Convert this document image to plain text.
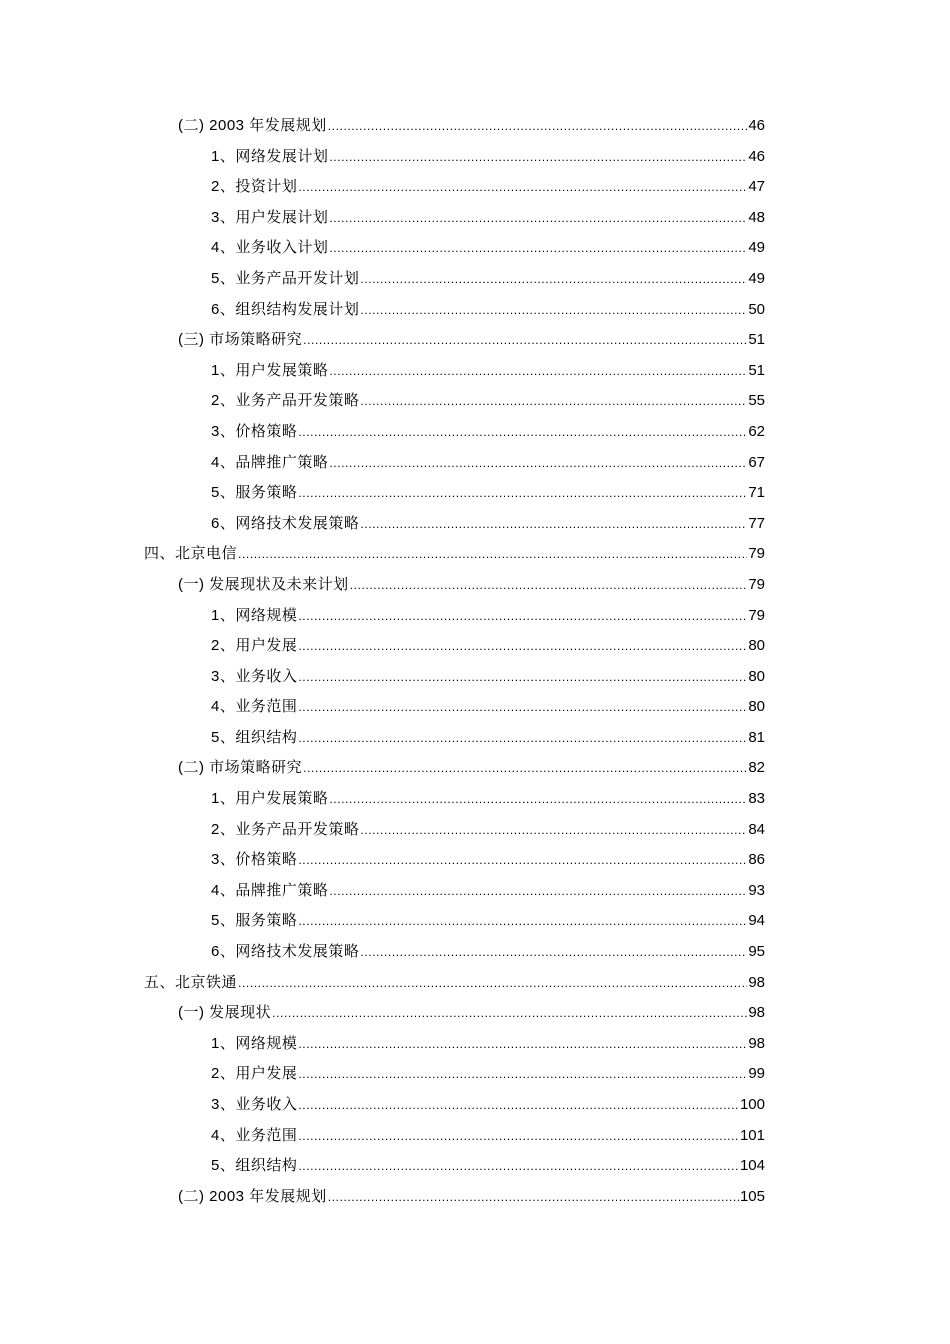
(二) 2003 年发展规划 .....	46
1、网络发展计划 .....	46
2、投资计划 .....	47
3、用户发展计划 .....	48
4、业务收入计划 .....	49
5、业务产品开发计划 .....	49
6、组织结构发展计划 .....	50
(三) 市场策略研究 .....	51
1、用户发展策略 .....	51
2、业务产品开发策略 .....	55
3、价格策略 .....	62
4、品牌推广策略 .....	67
5、服务策略 .....	71
6、网络技术发展策略 .....	77
四、北京电信 .....	79
(一) 发展现状及未来计划 .....	79
1、网络规模 .....	79
2、用户发展 .....	80
3、业务收入 .....	80
4、业务范围 .....	80
5、组织结构 .....	81
(二) 市场策略研究 .....	82
1、用户发展策略 .....	83
2、业务产品开发策略 .....	84
3、价格策略 .....	86
4、品牌推广策略 .....	93
5、服务策略 .....	94
6、网络技术发展策略 .....	95
五、北京铁通 .....	98
(一) 发展现状 .....	98
1、网络规模 .....	98
2、用户发展 .....	99
3、业务收入 .....	100
4、业务范围 .....	101
5、组织结构 .....	104
(二) 2003 年发展规划 .....	105
